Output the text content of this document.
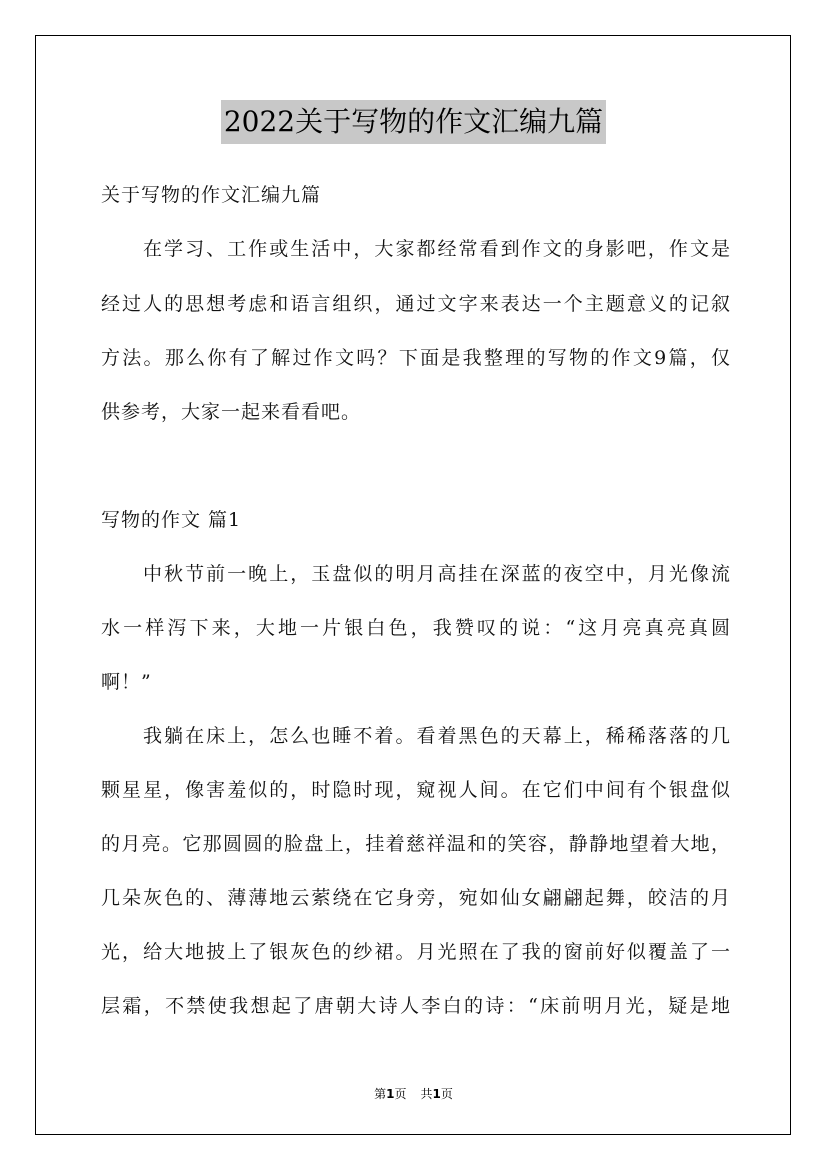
2022关于写物的作文汇编九篇
关于写物的作文汇编九篇
在学习、工作或生活中，大家都经常看到作文的身影吧，作文是
经过人的思想考虑和语言组织，通过文字来表达一个主题意义的记叙
方法。那么你有了解过作文吗？下面是我整理的写物的作文9篇，仅
供参考，大家一起来看看吧。
写物的作文 篇1
中秋节前一晚上，玉盘似的明月高挂在深蓝的夜空中，月光像流
水一样泻下来，大地一片银白色，我赞叹的说：“这月亮真亮真圆
啊！”
我躺在床上，怎么也睡不着。看着黑色的天幕上，稀稀落落的几
颗星星，像害羞似的，时隐时现，窥视人间。在它们中间有个银盘似
的月亮。它那圆圆的脸盘上，挂着慈祥温和的笑容，静静地望着大地，
几朵灰色的、薄薄地云萦绕在它身旁，宛如仙女翩翩起舞，皎洁的月
光，给大地披上了银灰色的纱裙。月光照在了我的窗前好似覆盖了一
层霜，不禁使我想起了唐朝大诗人李白的诗：“床前明月光，疑是地
第1页 共1页
